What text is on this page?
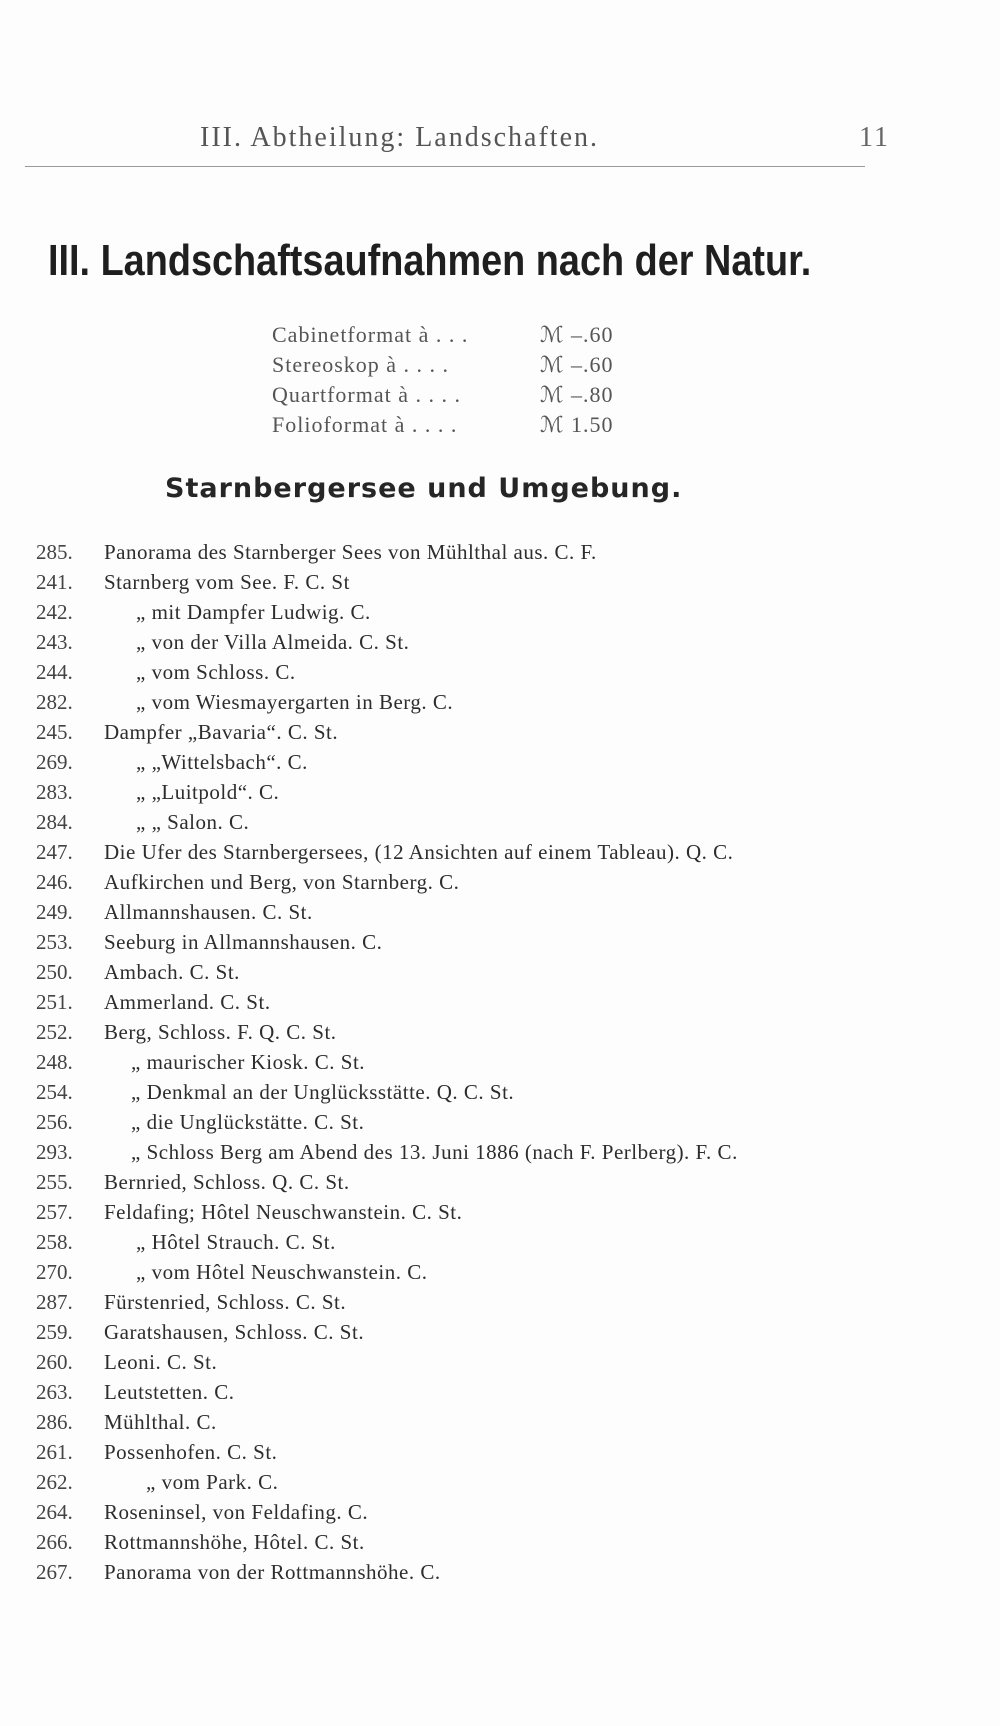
III. Abtheilung: Landschaften.	11
III. Landschaftsaufnahmen nach der Natur.
Cabinetformat à . . .	ℳ –.60
Stereoskop à . . . .	ℳ –.60
Quartformat à . . . .	ℳ –.80
Folioformat à . . . .	ℳ 1.50
Starnbergersee und Umgebung.
285.	Panorama des Starnberger Sees von Mühlthal aus. C. F.
241.	Starnberg vom See. F. C. St
242.	„ mit Dampfer Ludwig. C.
243.	„ von der Villa Almeida. C. St.
244.	„ vom Schloss. C.
282.	„ vom Wiesmayergarten in Berg. C.
245.	Dampfer „Bavaria“. C. St.
269.	„ „Wittelsbach“. C.
283.	„ „Luitpold“. C.
284.	„ „ Salon. C.
247.	Die Ufer des Starnbergersees, (12 Ansichten auf einem Tableau). Q. C.
246.	Aufkirchen und Berg, von Starnberg. C.
249.	Allmannshausen. C. St.
253.	Seeburg in Allmannshausen. C.
250.	Ambach. C. St.
251.	Ammerland. C. St.
252.	Berg, Schloss. F. Q. C. St.
248.	„ maurischer Kiosk. C. St.
254.	„ Denkmal an der Unglücksstätte. Q. C. St.
256.	„ die Unglückstätte. C. St.
293.	„ Schloss Berg am Abend des 13. Juni 1886 (nach F. Perlberg). F. C.
255.	Bernried, Schloss. Q. C. St.
257.	Feldafing; Hôtel Neuschwanstein. C. St.
258.	„ Hôtel Strauch. C. St.
270.	„ vom Hôtel Neuschwanstein. C.
287.	Fürstenried, Schloss. C. St.
259.	Garatshausen, Schloss. C. St.
260.	Leoni. C. St.
263.	Leutstetten. C.
286.	Mühlthal. C.
261.	Possenhofen. C. St.
262.	„ vom Park. C.
264.	Roseninsel, von Feldafing. C.
266.	Rottmannshöhe, Hôtel. C. St.
267.	Panorama von der Rottmannshöhe. C.
